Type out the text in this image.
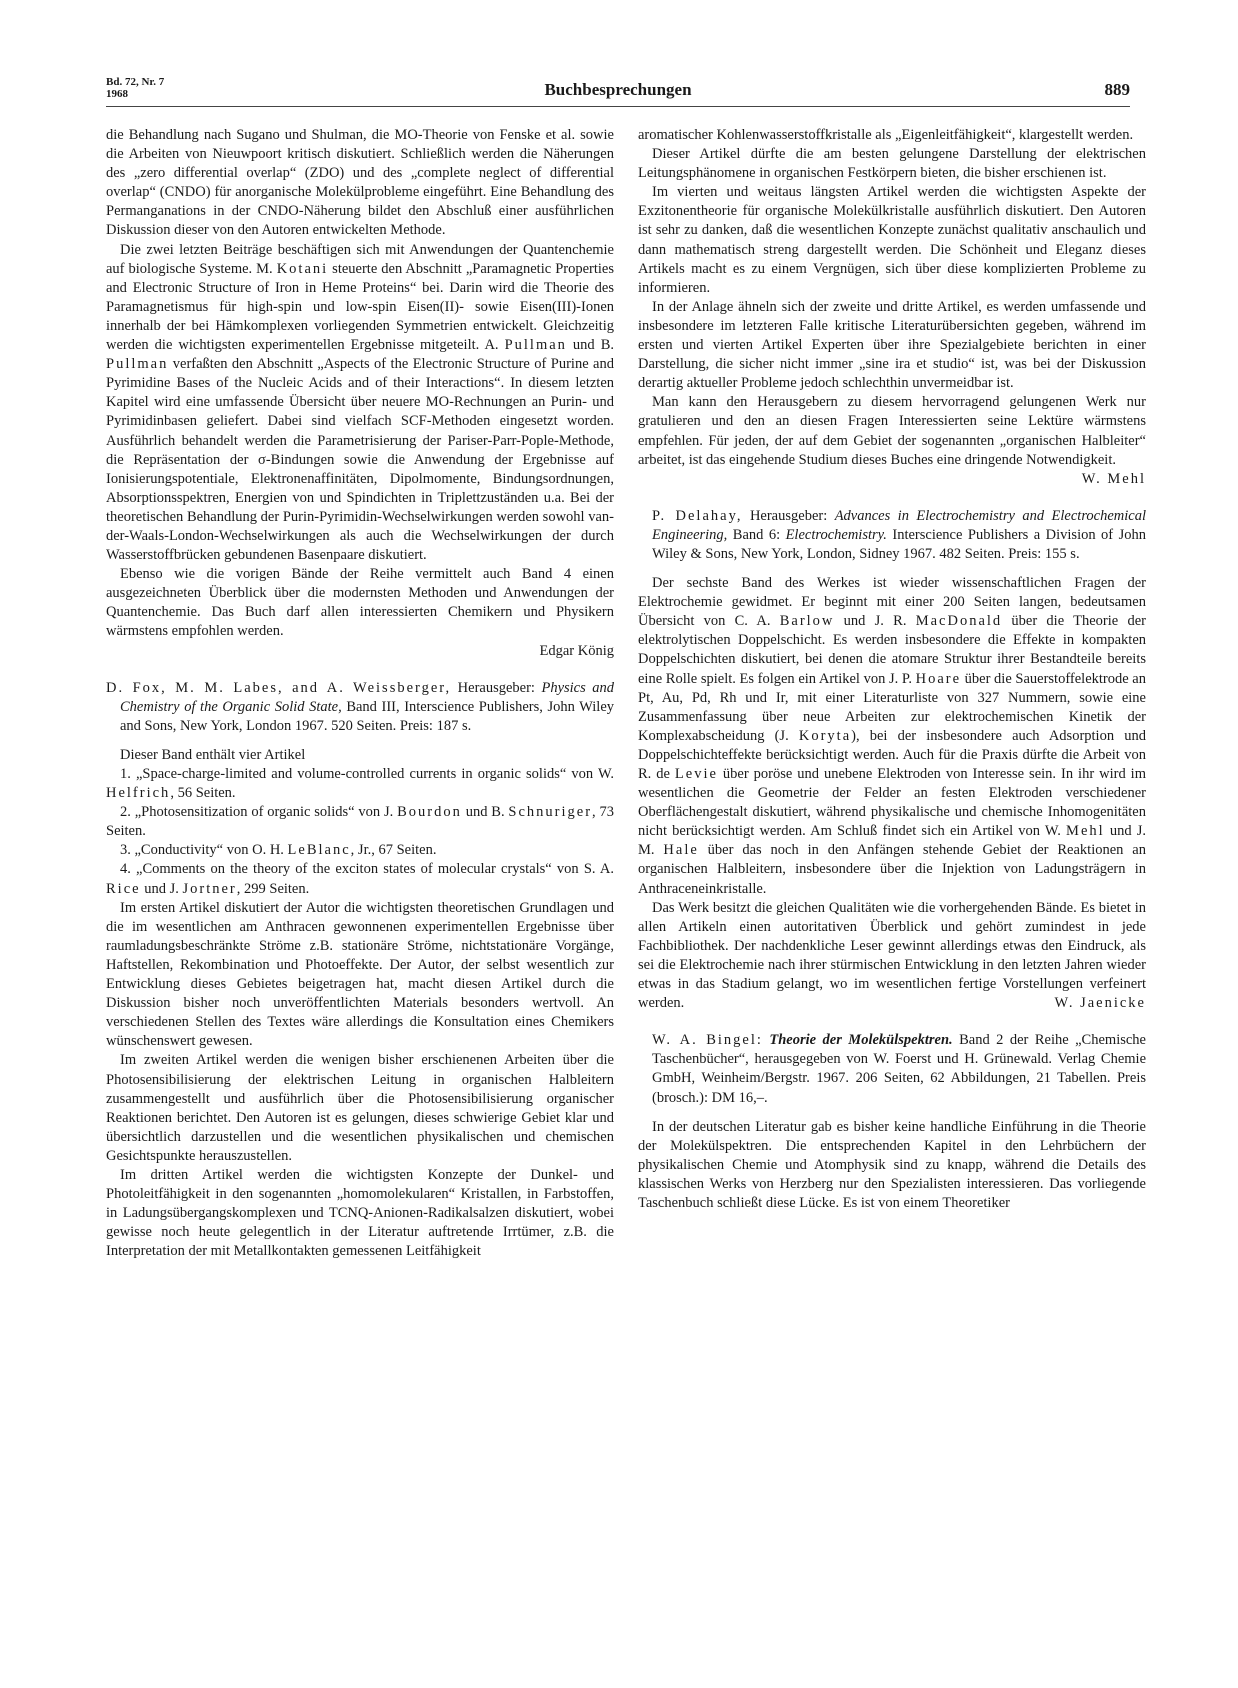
Bd. 72, Nr. 7
1968	Buchbesprechungen	889

die Behandlung nach Sugano und Shulman, die MO-Theorie von Fenske et al. sowie die Arbeiten von Nieuwpoort kritisch diskutiert. Schließlich werden die Näherungen des „zero differential overlap“ (ZDO) und des „complete neglect of differential overlap“ (CNDO) für anorganische Molekülprobleme eingeführt. Eine Behandlung des Permanganations in der CNDO-Näherung bildet den Abschluß einer ausführlichen Diskussion dieser von den Autoren entwickelten Methode.

Die zwei letzten Beiträge beschäftigen sich mit Anwendungen der Quantenchemie auf biologische Systeme. M. Kotani steuerte den Abschnitt „Paramagnetic Properties and Electronic Structure of Iron in Heme Proteins“ bei. Darin wird die Theorie des Paramagnetismus für high-spin und low-spin Eisen(II)- sowie Eisen(III)-Ionen innerhalb der bei Hämkomplexen vorliegenden Symmetrien entwickelt. Gleichzeitig werden die wichtigsten experimentellen Ergebnisse mitgeteilt. A. Pullman und B. Pullman verfaßten den Abschnitt „Aspects of the Electronic Structure of Purine and Pyrimidine Bases of the Nucleic Acids and of their Interactions“. In diesem letzten Kapitel wird eine umfassende Übersicht über neuere MO-Rechnungen an Purin- und Pyrimidinbasen geliefert. Dabei sind vielfach SCF-Methoden eingesetzt worden. Ausführlich behandelt werden die Parametrisierung der Pariser-Parr-Pople-Methode, die Repräsentation der σ-Bindungen sowie die Anwendung der Ergebnisse auf Ionisierungspotentiale, Elektronenaffinitäten, Dipolmomente, Bindungsordnungen, Absorptionsspektren, Energien von und Spindichten in Triplettzuständen u.a. Bei der theoretischen Behandlung der Purin-Pyrimidin-Wechselwirkungen werden sowohl van-der-Waals-London-Wechselwirkungen als auch die Wechselwirkungen der durch Wasserstoffbrücken gebundenen Basenpaare diskutiert.

Ebenso wie die vorigen Bände der Reihe vermittelt auch Band 4 einen ausgezeichneten Überblick über die modernsten Methoden und Anwendungen der Quantenchemie. Das Buch darf allen interessierten Chemikern und Physikern wärmstens empfohlen werden.

Edgar König

D. Fox, M. M. Labes, and A. Weissberger, Herausgeber: Physics and Chemistry of the Organic Solid State, Band III, Interscience Publishers, John Wiley and Sons, New York, London 1967. 520 Seiten. Preis: 187 s.

Dieser Band enthält vier Artikel

1. „Space-charge-limited and volume-controlled currents in organic solids“ von W. Helfrich, 56 Seiten.

2. „Photosensitization of organic solids“ von J. Bourdon und B. Schnuriger, 73 Seiten.

3. „Conductivity“ von O. H. LeBlanc, Jr., 67 Seiten.

4. „Comments on the theory of the exciton states of molecular crystals“ von S. A. Rice und J. Jortner, 299 Seiten.

Im ersten Artikel diskutiert der Autor die wichtigsten theoretischen Grundlagen und die im wesentlichen am Anthracen gewonnenen experimentellen Ergebnisse über raumladungsbeschränkte Ströme z.B. stationäre Ströme, nichtstationäre Vorgänge, Haftstellen, Rekombination und Photoeffekte. Der Autor, der selbst wesentlich zur Entwicklung dieses Gebietes beigetragen hat, macht diesen Artikel durch die Diskussion bisher noch unveröffentlichten Materials besonders wertvoll. An verschiedenen Stellen des Textes wäre allerdings die Konsultation eines Chemikers wünschenswert gewesen.

Im zweiten Artikel werden die wenigen bisher erschienenen Arbeiten über die Photosensibilisierung der elektrischen Leitung in organischen Halbleitern zusammengestellt und ausführlich über die Photosensibilisierung organischer Reaktionen berichtet. Den Autoren ist es gelungen, dieses schwierige Gebiet klar und übersichtlich darzustellen und die wesentlichen physikalischen und chemischen Gesichtspunkte herauszustellen.

Im dritten Artikel werden die wichtigsten Konzepte der Dunkel- und Photoleitfähigkeit in den sogenannten „homomolekularen“ Kristallen, in Farbstoffen, in Ladungsübergangskomplexen und TCNQ-Anionen-Radikalsalzen diskutiert, wobei gewisse noch heute gelegentlich in der Literatur auftretende Irrtümer, z.B. die Interpretation der mit Metallkontakten gemessenen Leitfähigkeit

aromatischer Kohlenwasserstoffkristalle als „Eigenleitfähigkeit“, klargestellt werden.

Dieser Artikel dürfte die am besten gelungene Darstellung der elektrischen Leitungsphänomene in organischen Festkörpern bieten, die bisher erschienen ist.

Im vierten und weitaus längsten Artikel werden die wichtigsten Aspekte der Exzitonentheorie für organische Molekülkristalle ausführlich diskutiert. Den Autoren ist sehr zu danken, daß die wesentlichen Konzepte zunächst qualitativ anschaulich und dann mathematisch streng dargestellt werden. Die Schönheit und Eleganz dieses Artikels macht es zu einem Vergnügen, sich über diese komplizierten Probleme zu informieren.

In der Anlage ähneln sich der zweite und dritte Artikel, es werden umfassende und insbesondere im letzteren Falle kritische Literaturübersichten gegeben, während im ersten und vierten Artikel Experten über ihre Spezialgebiete berichten in einer Darstellung, die sicher nicht immer „sine ira et studio“ ist, was bei der Diskussion derartig aktueller Probleme jedoch schlechthin unvermeidbar ist.

Man kann den Herausgebern zu diesem hervorragend gelungenen Werk nur gratulieren und den an diesen Fragen Interessierten seine Lektüre wärmstens empfehlen. Für jeden, der auf dem Gebiet der sogenannten „organischen Halbleiter“ arbeitet, ist das eingehende Studium dieses Buches eine dringende Notwendigkeit.

W. Mehl

P. Delahay, Herausgeber: Advances in Electrochemistry and Electrochemical Engineering, Band 6: Electrochemistry. Interscience Publishers a Division of John Wiley & Sons, New York, London, Sidney 1967. 482 Seiten. Preis: 155 s.

Der sechste Band des Werkes ist wieder wissenschaftlichen Fragen der Elektrochemie gewidmet. Er beginnt mit einer 200 Seiten langen, bedeutsamen Übersicht von C. A. Barlow und J. R. MacDonald über die Theorie der elektrolytischen Doppelschicht. Es werden insbesondere die Effekte in kompakten Doppelschichten diskutiert, bei denen die atomare Struktur ihrer Bestandteile bereits eine Rolle spielt. Es folgen ein Artikel von J. P. Hoare über die Sauerstoffelektrode an Pt, Au, Pd, Rh und Ir, mit einer Literaturliste von 327 Nummern, sowie eine Zusammenfassung über neue Arbeiten zur elektrochemischen Kinetik der Komplexabscheidung (J. Koryta), bei der insbesondere auch Adsorption und Doppelschichteffekte berücksichtigt werden. Auch für die Praxis dürfte die Arbeit von R. de Levie über poröse und unebene Elektroden von Interesse sein. In ihr wird im wesentlichen die Geometrie der Felder an festen Elektroden verschiedener Oberflächengestalt diskutiert, während physikalische und chemische Inhomogenitäten nicht berücksichtigt werden. Am Schluß findet sich ein Artikel von W. Mehl und J. M. Hale über das noch in den Anfängen stehende Gebiet der Reaktionen an organischen Halbleitern, insbesondere über die Injektion von Ladungsträgern in Anthraceneinkristalle.

Das Werk besitzt die gleichen Qualitäten wie die vorhergehenden Bände. Es bietet in allen Artikeln einen autoritativen Überblick und gehört zumindest in jede Fachbibliothek. Der nachdenkliche Leser gewinnt allerdings etwas den Eindruck, als sei die Elektrochemie nach ihrer stürmischen Entwicklung in den letzten Jahren wieder etwas in das Stadium gelangt, wo im wesentlichen fertige Vorstellungen verfeinert werden.	W. Jaenicke

W. A. Bingel: Theorie der Molekülspektren. Band 2 der Reihe „Chemische Taschenbücher“, herausgegeben von W. Foerst und H. Grünewald. Verlag Chemie GmbH, Weinheim/Bergstr. 1967. 206 Seiten, 62 Abbildungen, 21 Tabellen. Preis (brosch.): DM 16,–.

In der deutschen Literatur gab es bisher keine handliche Einführung in die Theorie der Molekülspektren. Die entsprechenden Kapitel in den Lehrbüchern der physikalischen Chemie und Atomphysik sind zu knapp, während die Details des klassischen Werks von Herzberg nur den Spezialisten interessieren. Das vorliegende Taschenbuch schließt diese Lücke. Es ist von einem Theoretiker
